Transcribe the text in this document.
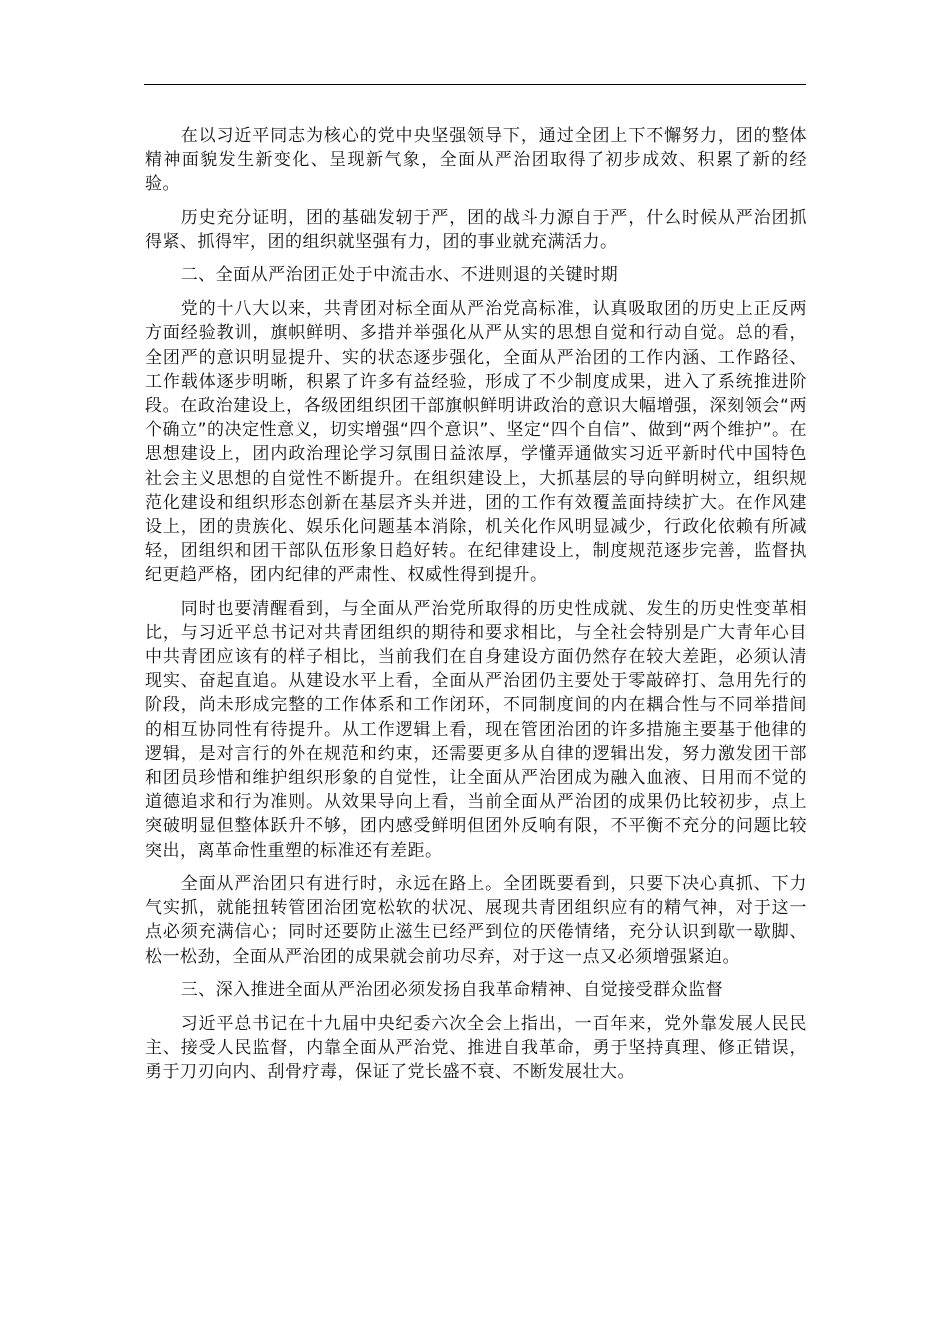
在以习近平同志为核心的党中央坚强领导下，通过全团上下不懈努力，团的整体精神面貌发生新变化、呈现新气象，全面从严治团取得了初步成效、积累了新的经验。

历史充分证明，团的基础发轫于严，团的战斗力源自于严，什么时候从严治团抓得紧、抓得牢，团的组织就坚强有力，团的事业就充满活力。

二、全面从严治团正处于中流击水、不进则退的关键时期

党的十八大以来，共青团对标全面从严治党高标准，认真吸取团的历史上正反两方面经验教训，旗帜鲜明、多措并举强化从严从实的思想自觉和行动自觉。总的看，全团严的意识明显提升、实的状态逐步强化，全面从严治团的工作内涵、工作路径、工作载体逐步明晰，积累了许多有益经验，形成了不少制度成果，进入了系统推进阶段。在政治建设上，各级团组织团干部旗帜鲜明讲政治的意识大幅增强，深刻领会“两个确立”的决定性意义，切实增强“四个意识”、坚定“四个自信”、做到“两个维护”。在思想建设上，团内政治理论学习氛围日益浓厚，学懂弄通做实习近平新时代中国特色社会主义思想的自觉性不断提升。在组织建设上，大抓基层的导向鲜明树立，组织规范化建设和组织形态创新在基层齐头并进，团的工作有效覆盖面持续扩大。在作风建设上，团的贵族化、娱乐化问题基本消除，机关化作风明显减少，行政化依赖有所减轻，团组织和团干部队伍形象日趋好转。在纪律建设上，制度规范逐步完善，监督执纪更趋严格，团内纪律的严肃性、权威性得到提升。

同时也要清醒看到，与全面从严治党所取得的历史性成就、发生的历史性变革相比，与习近平总书记对共青团组织的期待和要求相比，与全社会特别是广大青年心目中共青团应该有的样子相比，当前我们在自身建设方面仍然存在较大差距，必须认清现实、奋起直追。从建设水平上看，全面从严治团仍主要处于零敲碎打、急用先行的阶段，尚未形成完整的工作体系和工作闭环，不同制度间的内在耦合性与不同举措间的相互协同性有待提升。从工作逻辑上看，现在管团治团的许多措施主要基于他律的逻辑，是对言行的外在规范和约束，还需要更多从自律的逻辑出发，努力激发团干部和团员珍惜和维护组织形象的自觉性，让全面从严治团成为融入血液、日用而不觉的道德追求和行为准则。从效果导向上看，当前全面从严治团的成果仍比较初步，点上突破明显但整体跃升不够，团内感受鲜明但团外反响有限，不平衡不充分的问题比较突出，离革命性重塑的标准还有差距。

全面从严治团只有进行时，永远在路上。全团既要看到，只要下决心真抓、下力气实抓，就能扭转管团治团宽松软的状况、展现共青团组织应有的精气神，对于这一点必须充满信心；同时还要防止滋生已经严到位的厌倦情绪，充分认识到歇一歇脚、松一松劲，全面从严治团的成果就会前功尽弃，对于这一点又必须增强紧迫。

三、深入推进全面从严治团必须发扬自我革命精神、自觉接受群众监督

习近平总书记在十九届中央纪委六次全会上指出，一百年来，党外靠发展人民民主、接受人民监督，内靠全面从严治党、推进自我革命，勇于坚持真理、修正错误，勇于刀刃向内、刮骨疗毒，保证了党长盛不衰、不断发展壮大。
